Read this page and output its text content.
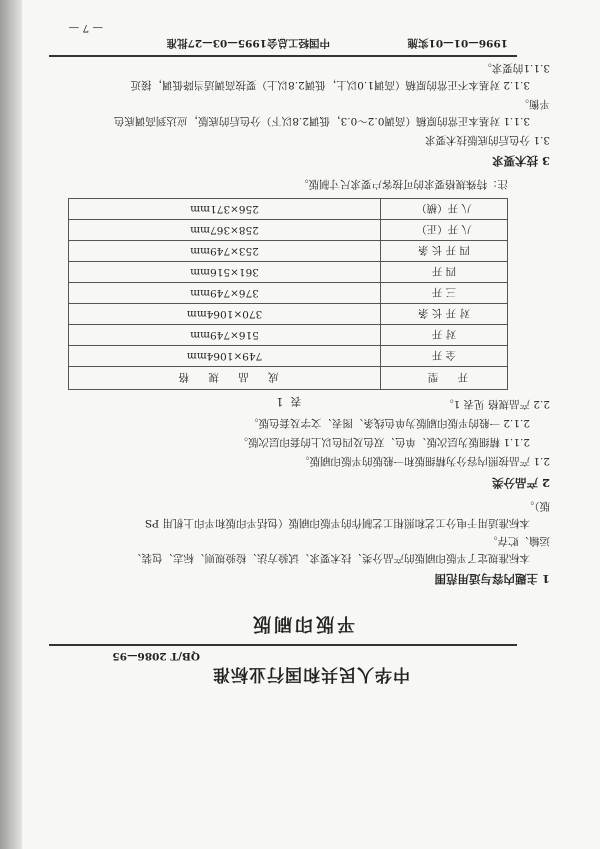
中华人民共和国行业标准
QB/T 2086—95
平版印刷版
1 主题内容与适用范围
本标准规定了平版印刷版的产品分类、技术要求、试验方法、检验规则、标志、包装、
运输、贮存。
本标准适用于电分工艺和照相工艺制作的平版印刷版（包括平印版和平印上机用 PS
版）。
2 产品分类
2.1 产品按照内容分为精细版和一般版的平版印刷版。
2.1.1 精细版为层次版、单色、双色及四色以上的套印层次版。
2.1.2 一般的平版印刷版为单色线条、图表、文字及套色版。
2.2 产品规格 见表 1。
表 1
开 型	成 品 规 格
全 开	749×1064mm
对 开	516×749mm
对 开 长 条	370×1064mm
三 开	376×749mm
四 开	361×516mm
四 开 长 条	253×749mm
八 开（正）	258×367mm
八 开（横）	256×371mm
注：特殊规格要求的可按客户要求尺寸制版。
3 技术要求
3.1 分色后的底版技术要求
3.1.1 对基本正常的原稿（高调0.2～0.3，低调2.8以下）分色后的底版，应达到高调底色
平衡。
3.1.2 对基本不正常的原稿（高调1.0以上，低调2.8以上）要按高调适当降低调，接近
3.1.1的要求。
中国轻工总会1995—03—27批准	1996—01—01实施
— 7 —
